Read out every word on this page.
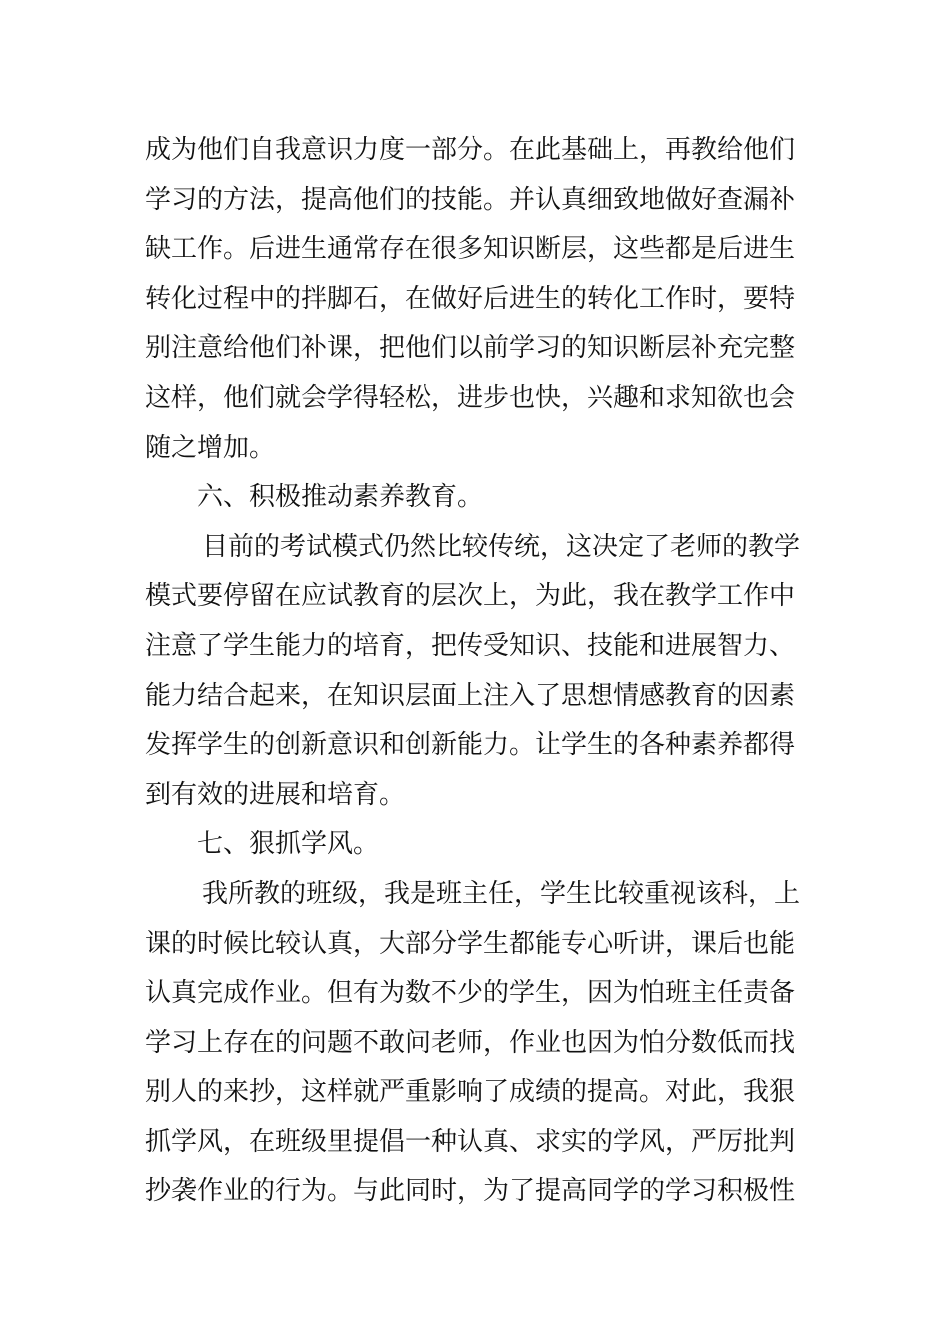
成为他们自我意识力度一部分。在此基础上，再教给他们
学习的方法，提高他们的技能。并认真细致地做好查漏补
缺工作。后进生通常存在很多知识断层，这些都是后进生
转化过程中的拌脚石，在做好后进生的转化工作时，要特
别注意给他们补课，把他们以前学习的知识断层补充完整
这样，他们就会学得轻松，进步也快，兴趣和求知欲也会
随之增加。
六、积极推动素养教育。
目前的考试模式仍然比较传统，这决定了老师的教学
模式要停留在应试教育的层次上，为此，我在教学工作中
注意了学生能力的培育，把传受知识、技能和进展智力、
能力结合起来，在知识层面上注入了思想情感教育的因素
发挥学生的创新意识和创新能力。让学生的各种素养都得
到有效的进展和培育。
七、狠抓学风。
我所教的班级，我是班主任，学生比较重视该科，上
课的时候比较认真，大部分学生都能专心听讲，课后也能
认真完成作业。但有为数不少的学生，因为怕班主任责备
学习上存在的问题不敢问老师，作业也因为怕分数低而找
别人的来抄，这样就严重影响了成绩的提高。对此，我狠
抓学风，在班级里提倡一种认真、求实的学风，严厉批判
抄袭作业的行为。与此同时，为了提高同学的学习积极性
